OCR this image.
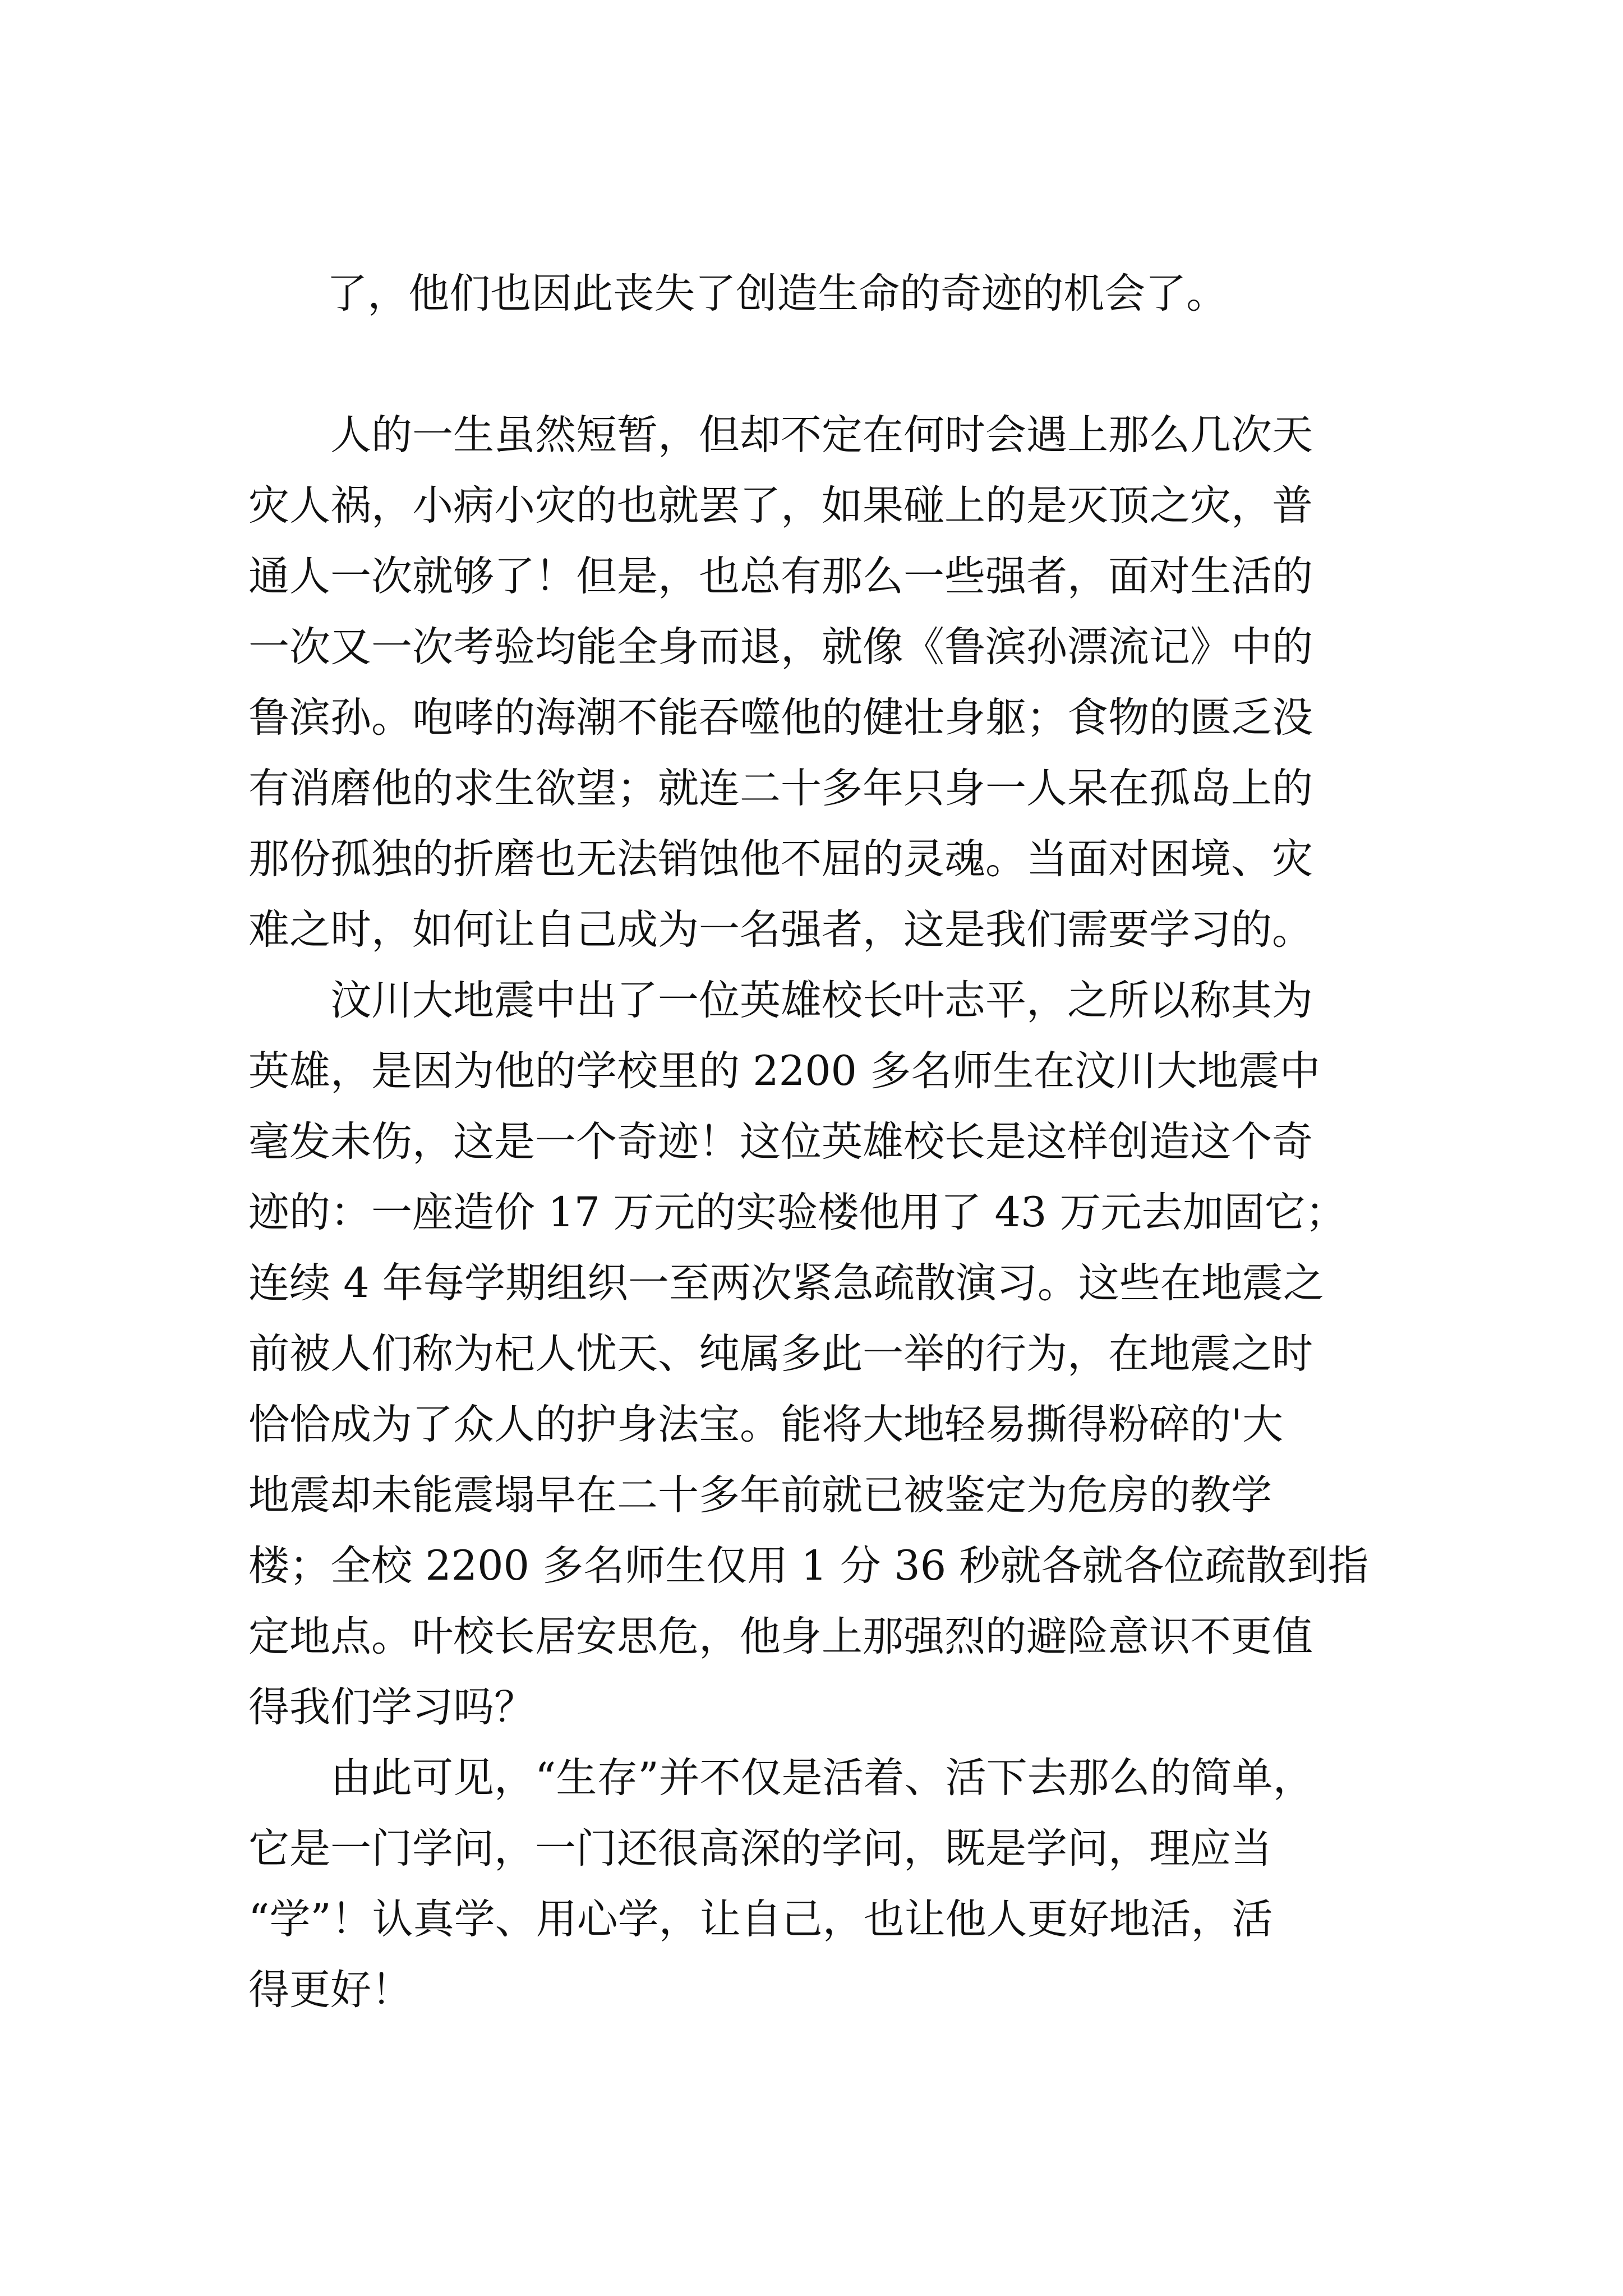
了，他们也因此丧失了创造生命的奇迹的机会了。

　　人的一生虽然短暂，但却不定在何时会遇上那么几次天
灾人祸，小病小灾的也就罢了，如果碰上的是灭顶之灾，普
通人一次就够了！但是，也总有那么一些强者，面对生活的
一次又一次考验均能全身而退，就像《鲁滨孙漂流记》中的
鲁滨孙。咆哮的海潮不能吞噬他的健壮身躯；食物的匮乏没
有消磨他的求生欲望；就连二十多年只身一人呆在孤岛上的
那份孤独的折磨也无法销蚀他不屈的灵魂。当面对困境、灾
难之时，如何让自己成为一名强者，这是我们需要学习的。

　　汶川大地震中出了一位英雄校长叶志平，之所以称其为
英雄，是因为他的学校里的 2200 多名师生在汶川大地震中
毫发未伤，这是一个奇迹！这位英雄校长是这样创造这个奇
迹的：一座造价 17 万元的实验楼他用了 43 万元去加固它；
连续 4 年每学期组织一至两次紧急疏散演习。这些在地震之
前被人们称为杞人忧天、纯属多此一举的行为，在地震之时
恰恰成为了众人的护身法宝。能将大地轻易撕得粉碎的'大
地震却未能震塌早在二十多年前就已被鉴定为危房的教学
楼；全校 2200 多名师生仅用 1 分 36 秒就各就各位疏散到指
定地点。叶校长居安思危，他身上那强烈的避险意识不更值
得我们学习吗？

　　由此可见，“生存”并不仅是活着、活下去那么的简单，
它是一门学问，一门还很高深的学问，既是学问，理应当
“学”！认真学、用心学，让自己，也让他人更好地活，活
得更好！
